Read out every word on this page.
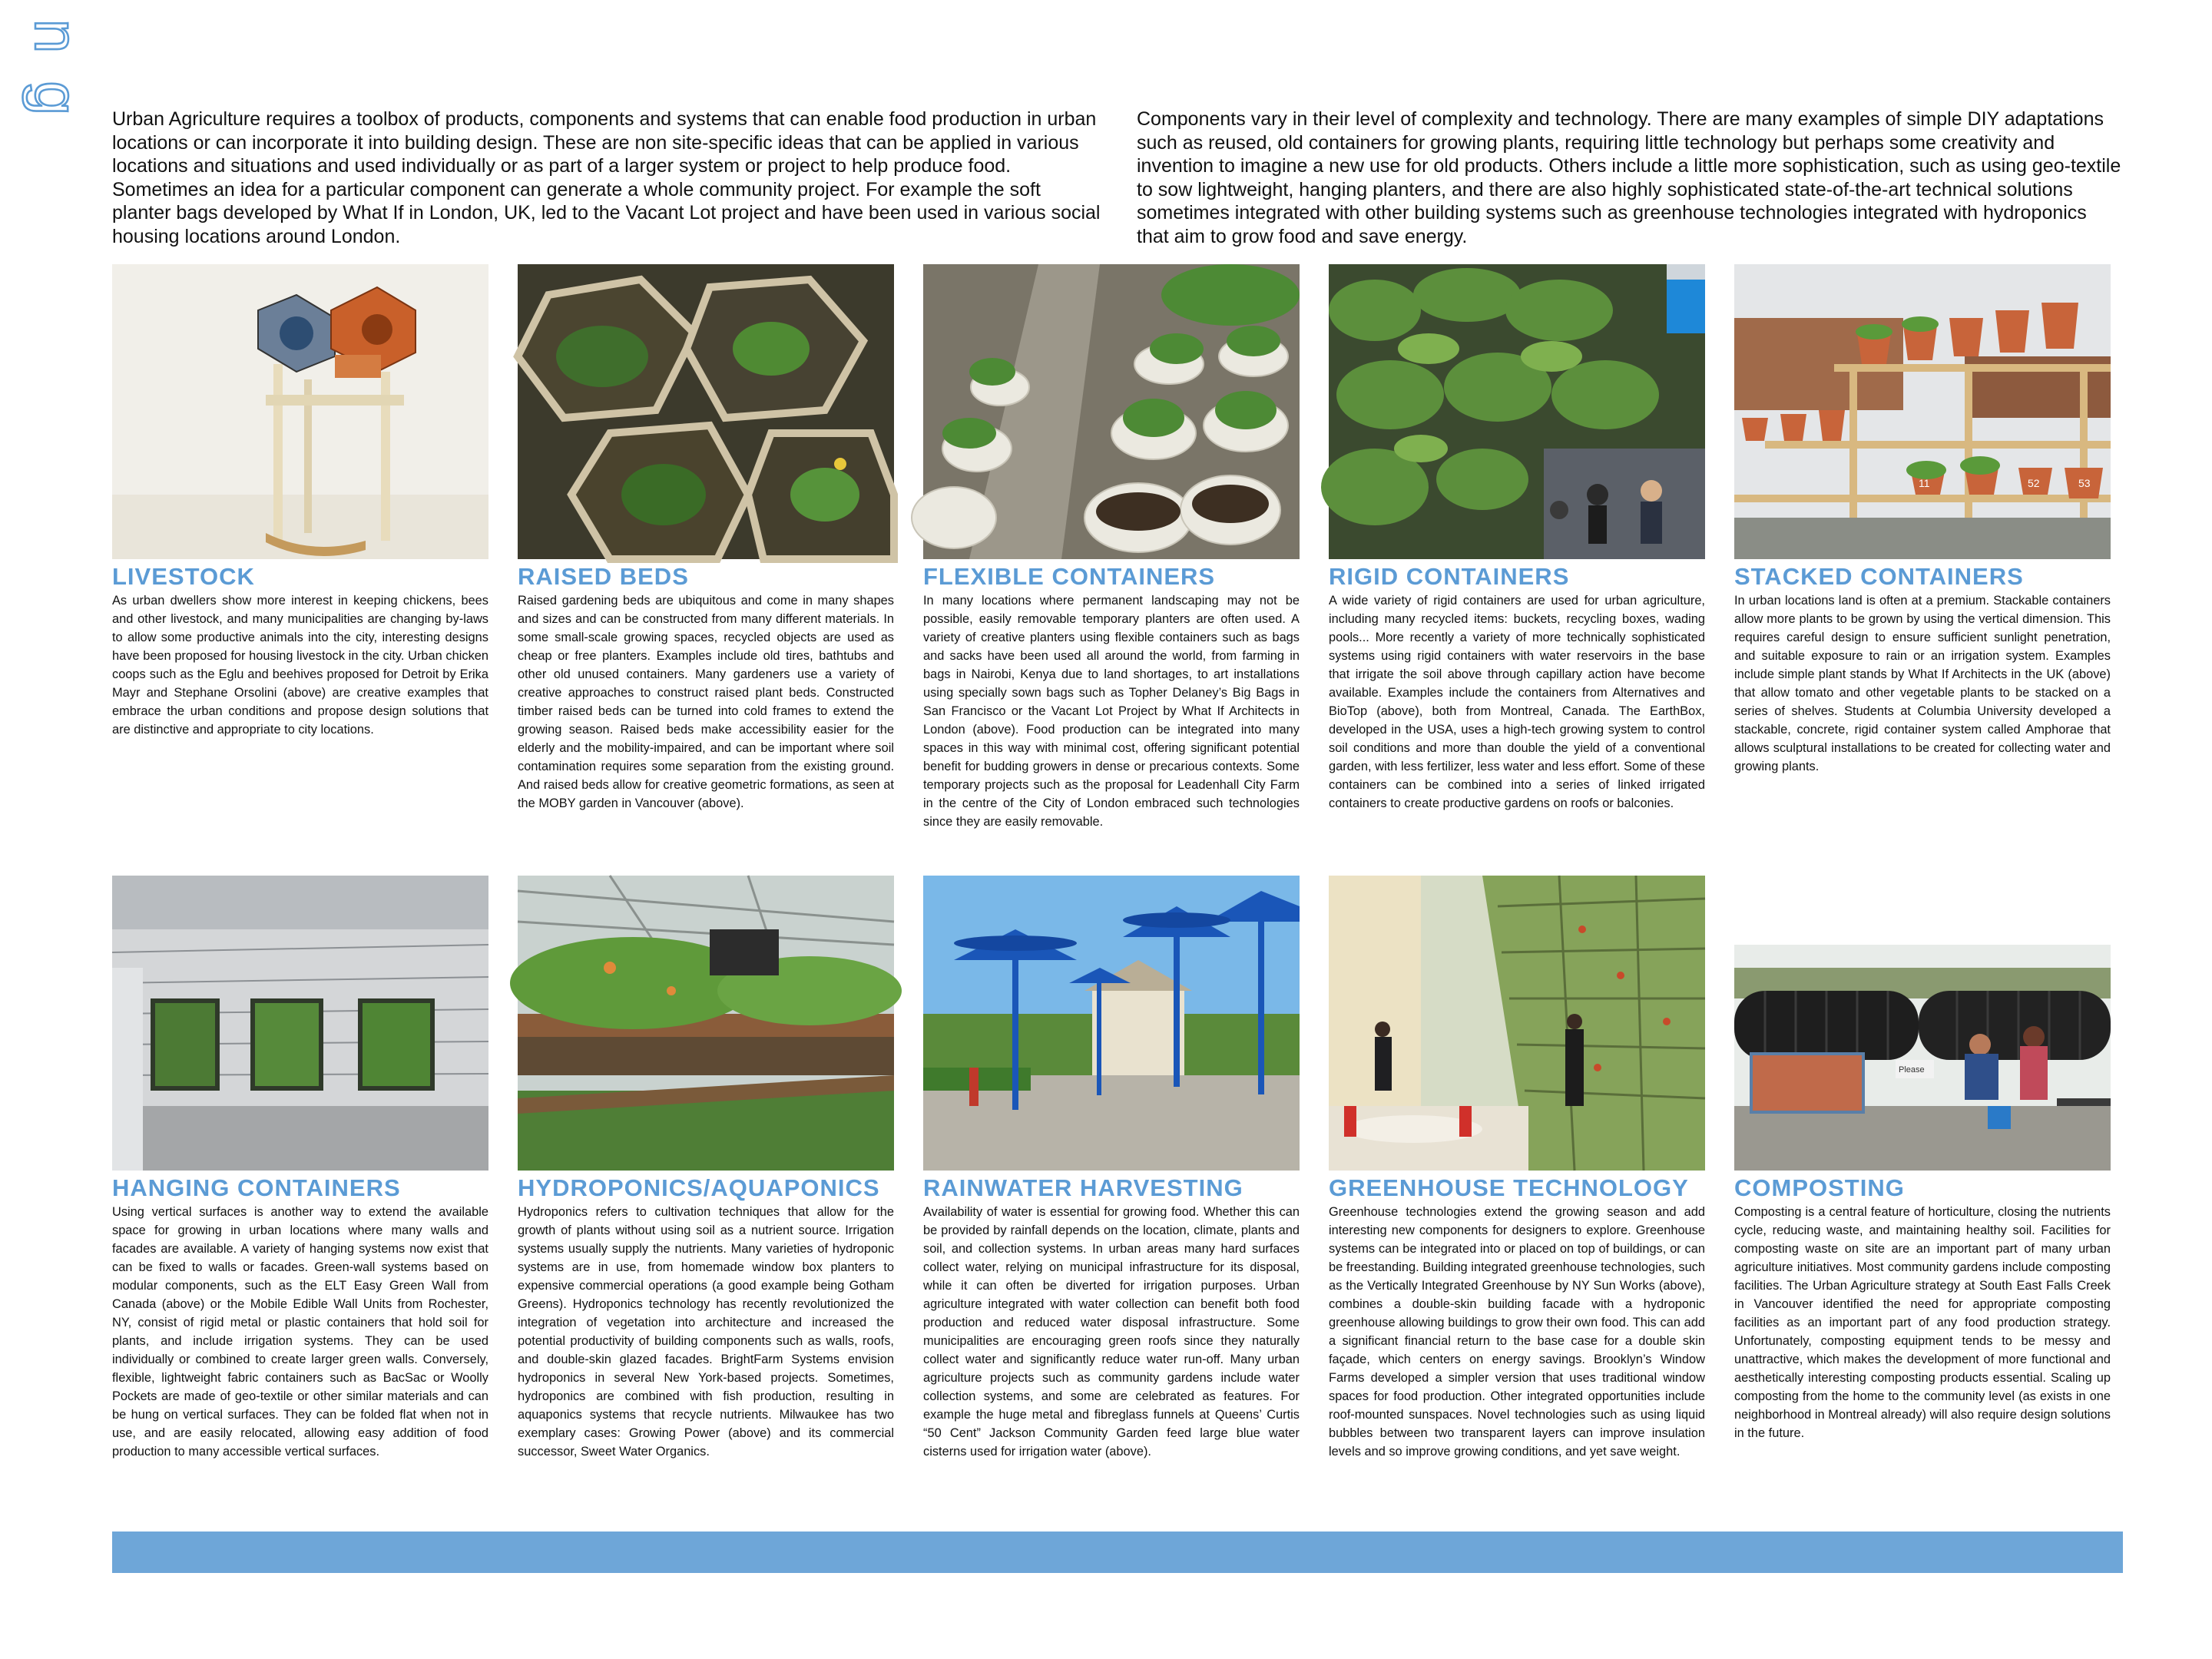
ng

Urban Agriculture requires a toolbox of products, components and systems that can enable food production in urban locations or can incorporate it into building design. These are non site-specific ideas that can be applied in various locations and situations and used individually or as part of a larger system or project to help produce food. Sometimes an idea for a particular component can generate a whole community project. For example the soft planter bags developed by What If in London, UK, led to the Vacant Lot project and have been used in various social housing locations around London.

Components vary in their level of complexity and technology. There are many examples of simple DIY adaptations such as reused, old containers for growing plants, requiring little technology but perhaps some creativity and invention to imagine a new use for old products. Others include a little more sophistication, such as using geo-textile to sow lightweight, hanging planters, and there are also highly sophisticated state-of-the-art technical solutions sometimes integrated with other building systems such as greenhouse technologies integrated with hydroponics that aim to grow food and save energy.

LIVESTOCK

As urban dwellers show more interest in keeping chickens, bees and other livestock, and many municipalities are changing by-laws to allow some productive animals into the city, interesting designs have been proposed for housing livestock in the city. Urban chicken coops such as the Eglu and beehives proposed for Detroit by Erika Mayr and Stephane Orsolini (above) are creative examples that embrace the urban conditions and propose design solutions that are distinctive and appropriate to city locations.

RAISED BEDS

Raised gardening beds are ubiquitous and come in many shapes and sizes and can be constructed from many different materials. In some small-scale growing spaces, recycled objects are used as cheap or free planters. Examples include old tires, bathtubs and other old unused containers. Many gardeners use a variety of creative approaches to construct raised plant beds. Constructed timber raised beds can be turned into cold frames to extend the growing season. Raised beds make accessibility easier for the elderly and the mobility-impaired, and can be important where soil contamination requires some separation from the existing ground. And raised beds allow for creative geometric formations, as seen at the MOBY garden in Vancouver (above).

FLEXIBLE CONTAINERS

In many locations where permanent landscaping may not be possible, easily removable temporary planters are often used. A variety of creative planters using flexible containers such as bags and sacks have been used all around the world, from farming in bags in Nairobi, Kenya due to land shortages, to art installations using specially sown bags such as Topher Delaney’s Big Bags in San Francisco or the Vacant Lot Project by What If Architects in London (above). Food production can be integrated into many spaces in this way with minimal cost, offering significant potential benefit for budding growers in dense or precarious contexts. Some temporary projects such as the proposal for Leadenhall City Farm in the centre of the City of London embraced such technologies since they are easily removable.

RIGID CONTAINERS

A wide variety of rigid containers are used for urban agriculture, including many recycled items: buckets, recycling boxes, wading pools... More recently a variety of more technically sophisticated systems using rigid containers with water reservoirs in the base that irrigate the soil above through capillary action have become available. Examples include the containers from Alternatives and BioTop (above), both from Montreal, Canada. The EarthBox, developed in the USA, uses a high-tech growing system to control soil conditions and more than double the yield of a conventional garden, with less fertilizer, less water and less effort. Some of these containers can be combined into a series of linked irrigated containers to create productive gardens on roofs or balconies.

11	52	53
STACKED CONTAINERS

In urban locations land is often at a premium. Stackable containers allow more plants to be grown by using the vertical dimension. This requires careful design to ensure sufficient sunlight penetration, and suitable exposure to rain or an irrigation system. Examples include simple plant stands by What If Architects in the UK (above) that allow tomato and other vegetable plants to be stacked on a series of shelves. Students at Columbia University developed a stackable, concrete, rigid container system called Amphorae that allows sculptural installations to be created for collecting water and growing plants.

HANGING CONTAINERS

Using vertical surfaces is another way to extend the available space for growing in urban locations where many walls and facades are available. A variety of hanging systems now exist that can be fixed to walls or facades. Green-wall systems based on modular components, such as the ELT Easy Green Wall from Canada (above) or the Mobile Edible Wall Units from Rochester, NY, consist of rigid metal or plastic containers that hold soil for plants, and include irrigation systems. They can be used individually or combined to create larger green walls. Conversely, flexible, lightweight fabric containers such as BacSac or Woolly Pockets are made of geo-textile or other similar materials and can be hung on vertical surfaces. They can be folded flat when not in use, and are easily relocated, allowing easy addition of food production to many accessible vertical surfaces.

HYDROPONICS/AQUAPONICS

Hydroponics refers to cultivation techniques that allow for the growth of plants without using soil as a nutrient source. Irrigation systems usually supply the nutrients. Many varieties of hydroponic systems are in use, from homemade window box planters to expensive commercial operations (a good example being Gotham Greens). Hydroponics technology has recently revolutionized the integration of vegetation into architecture and increased the potential productivity of building components such as walls, roofs, and double-skin glazed facades. BrightFarm Systems envision hydroponics in several New York-based projects. Sometimes, hydroponics are combined with fish production, resulting in aquaponics systems that recycle nutrients. Milwaukee has two exemplary cases: Growing Power (above) and its commercial successor, Sweet Water Organics.

RAINWATER HARVESTING

Availability of water is essential for growing food. Whether this can be provided by rainfall depends on the location, climate, plants and soil, and collection systems. In urban areas many hard surfaces collect water, relying on municipal infrastructure for its disposal, while it can often be diverted for irrigation purposes. Urban agriculture integrated with water collection can benefit both food production and reduced water disposal infrastructure. Some municipalities are encouraging green roofs since they naturally collect water and significantly reduce water run-off. Many urban agriculture projects such as community gardens include water collection systems, and some are celebrated as features. For example the huge metal and fibreglass funnels at Queens’ Curtis “50 Cent” Jackson Community Garden feed large blue water cisterns used for irrigation water (above).

GREENHOUSE TECHNOLOGY

Greenhouse technologies extend the growing season and add interesting new components for designers to explore. Greenhouse systems can be integrated into or placed on top of buildings, or can be freestanding. Building integrated greenhouse technologies, such as the Vertically Integrated Greenhouse by NY Sun Works (above), combines a double-skin building facade with a hydroponic greenhouse allowing buildings to grow their own food. This can add a significant financial return to the base case for a double skin façade, which centers on energy savings. Brooklyn’s Window Farms developed a simpler version that uses traditional window spaces for food production. Other integrated opportunities include roof-mounted sunspaces. Novel technologies such as using liquid bubbles between two transparent layers can improve insulation levels and so improve growing conditions, and yet save weight.

Please
COMPOSTING

Composting is a central feature of horticulture, closing the nutrients cycle, reducing waste, and maintaining healthy soil. Facilities for composting waste on site are an important part of many urban agriculture initiatives. Most community gardens include composting facilities. The Urban Agriculture strategy at South East Falls Creek in Vancouver identified the need for appropriate composting facilities as an important part of any food production strategy. Unfortunately, composting equipment tends to be messy and unattractive, which makes the development of more functional and aesthetically interesting composting products essential. Scaling up composting from the home to the community level (as exists in one neighborhood in Montreal already) will also require design solutions in the future.
